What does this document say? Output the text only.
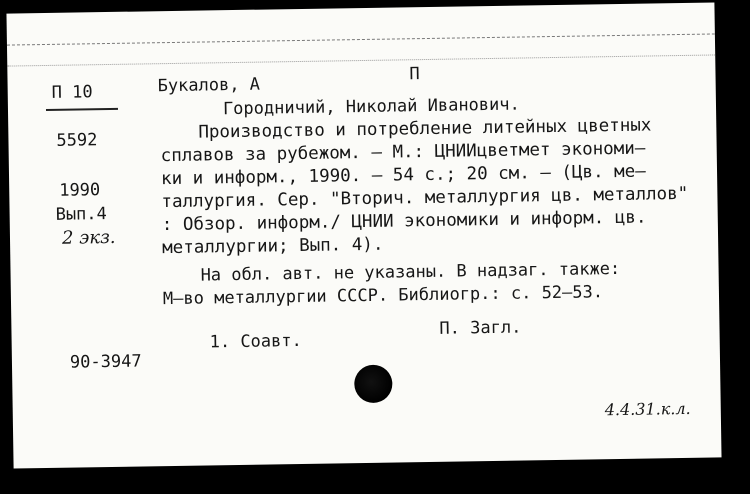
П 10
5592
1990
Вып.4
2 экз.
90-3947
Букалов, А
П
Городничий, Николай Иванович.
Производство и потребление литейных цветных
сплавов за рубежом. – М.: ЦНИИцветмет экономи–
ки и информ., 1990. – 54 с.; 20 см. – (Цв. ме–
таллургия. Сер. "Вторич. металлургия цв. металлов"
: Обзор. информ./ ЦНИИ экономики и информ. цв.
металлургии; Вып. 4).
На обл. авт. не указаны. В надзаг. также:
М–во металлургии СССР. Библиогр.: с. 52–53.
1. Соавт.
П. Загл.
4.4.31.к.л.
